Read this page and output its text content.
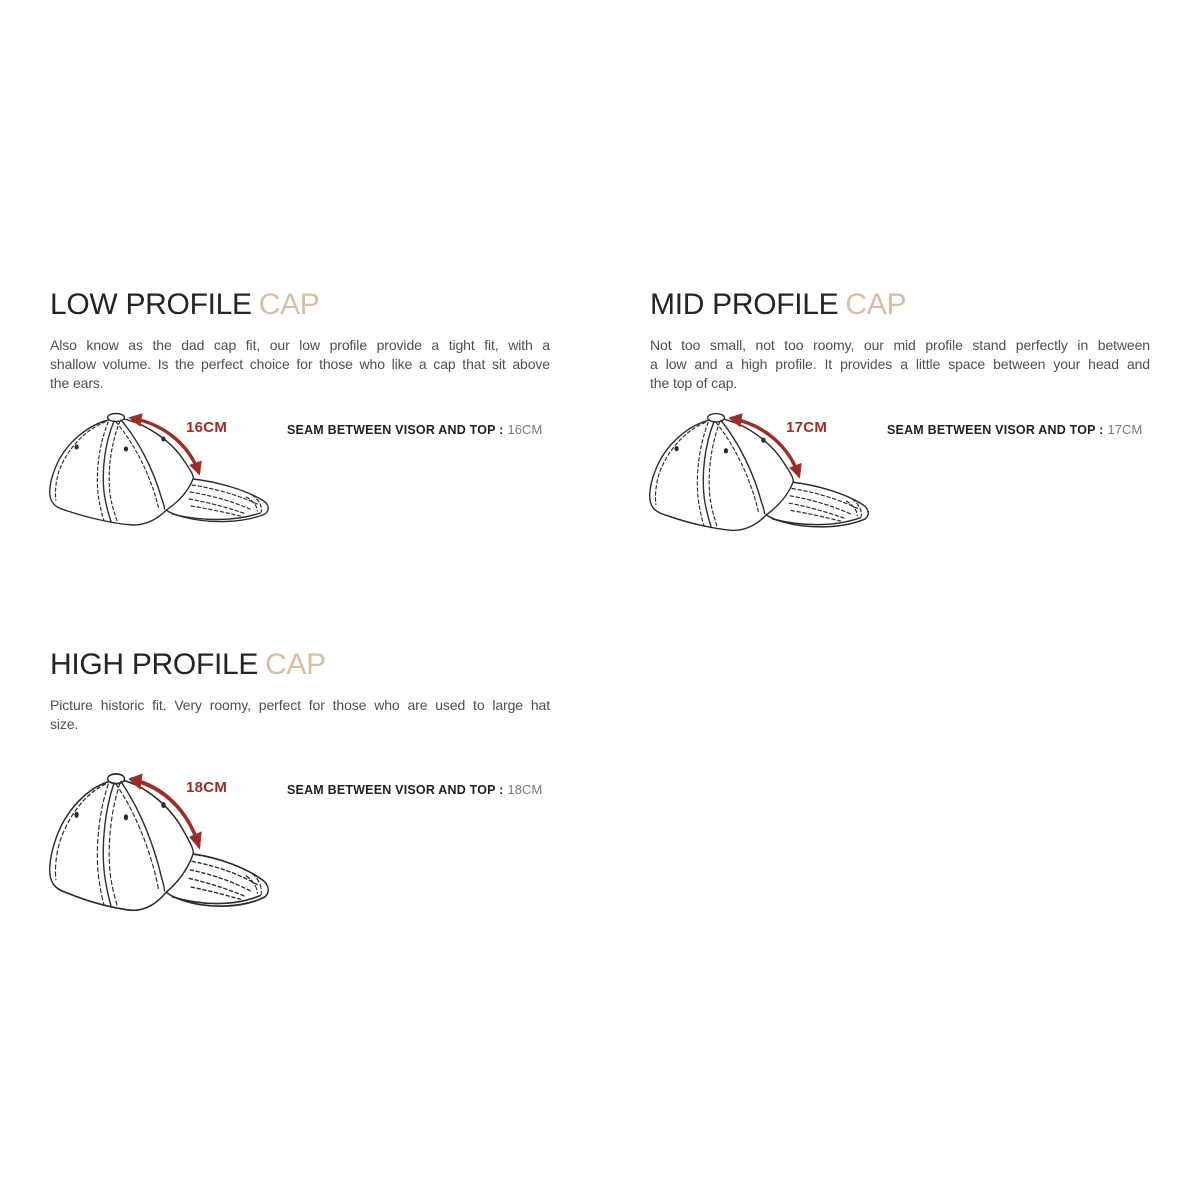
LOW PROFILE CAP
Also know as the dad cap fit, our low profile provide a tight fit, with a
shallow volume. Is the perfect choice for those who like a cap that sit above
the ears.
16CM	SEAM BETWEEN VISOR AND TOP : 16CM
MID PROFILE CAP
Not too small, not too roomy, our mid profile stand perfectly in between
a low and a high profile. It provides a little space between your head and
the top of cap.
17CM	SEAM BETWEEN VISOR AND TOP : 17CM
HIGH PROFILE CAP
Picture historic fit. Very roomy, perfect for those who are used to large hat
size.
18CM	SEAM BETWEEN VISOR AND TOP : 18CM
